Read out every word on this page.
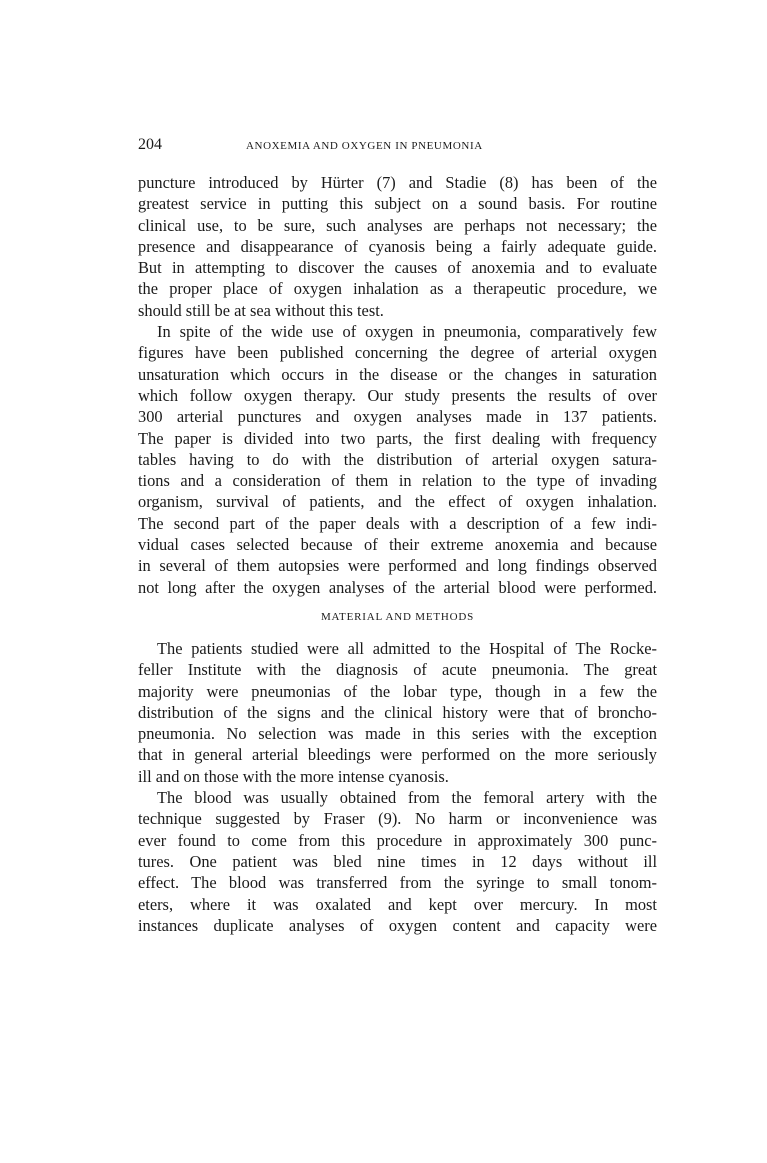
204	ANOXEMIA AND OXYGEN IN PNEUMONIA
puncture introduced by Hürter (7) and Stadie (8) has been of the
greatest service in putting this subject on a sound basis. For routine
clinical use, to be sure, such analyses are perhaps not necessary; the
presence and disappearance of cyanosis being a fairly adequate guide.
But in attempting to discover the causes of anoxemia and to evaluate
the proper place of oxygen inhalation as a therapeutic procedure, we
should still be at sea without this test.
In spite of the wide use of oxygen in pneumonia, comparatively few
figures have been published concerning the degree of arterial oxygen
unsaturation which occurs in the disease or the changes in saturation
which follow oxygen therapy. Our study presents the results of over
300 arterial punctures and oxygen analyses made in 137 patients.
The paper is divided into two parts, the first dealing with frequency
tables having to do with the distribution of arterial oxygen satura-
tions and a consideration of them in relation to the type of invading
organism, survival of patients, and the effect of oxygen inhalation.
The second part of the paper deals with a description of a few indi-
vidual cases selected because of their extreme anoxemia and because
in several of them autopsies were performed and long findings observed
not long after the oxygen analyses of the arterial blood were performed.
MATERIAL AND METHODS
The patients studied were all admitted to the Hospital of The Rocke-
feller Institute with the diagnosis of acute pneumonia. The great
majority were pneumonias of the lobar type, though in a few the
distribution of the signs and the clinical history were that of broncho-
pneumonia. No selection was made in this series with the exception
that in general arterial bleedings were performed on the more seriously
ill and on those with the more intense cyanosis.
The blood was usually obtained from the femoral artery with the
technique suggested by Fraser (9). No harm or inconvenience was
ever found to come from this procedure in approximately 300 punc-
tures. One patient was bled nine times in 12 days without ill
effect. The blood was transferred from the syringe to small tonom-
eters, where it was oxalated and kept over mercury. In most
instances duplicate analyses of oxygen content and capacity were
